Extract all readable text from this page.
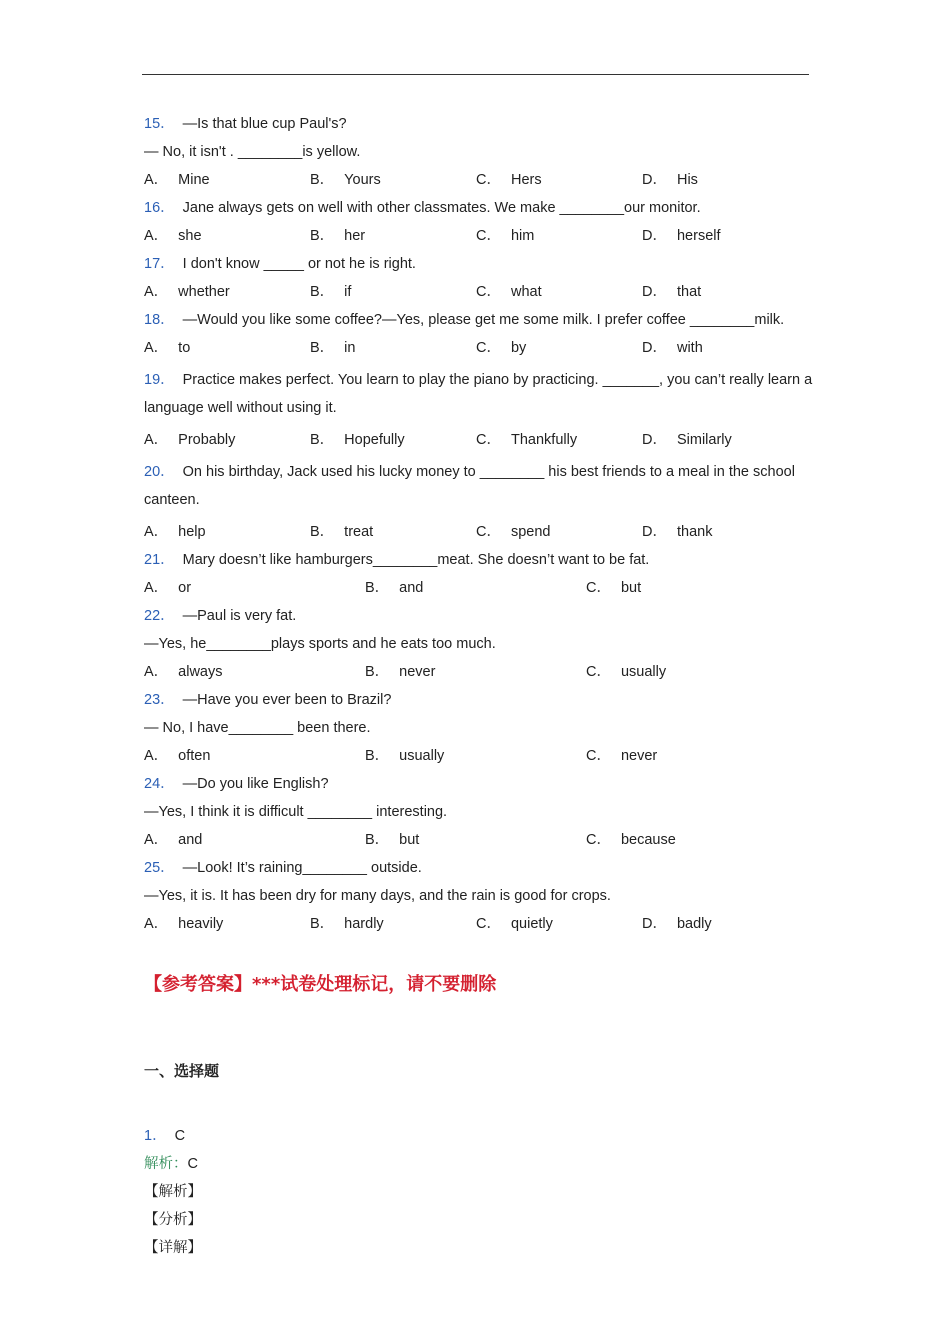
15． —Is that blue cup Paul's?
— No, it isn't . ________is yellow.
A． Mine	B． Yours	C． Hers	D． His
16． Jane always gets on well with other classmates. We make ________our monitor.
A． she	B． her	C． him	D． herself
17． I don't know _____ or not he is right.
A． whether	B． if	C． what	D． that
18． —Would you like some coffee?—Yes, please get me some milk. I prefer coffee ________milk.
A． to	B． in	C． by	D． with
19． Practice makes perfect. You learn to play the piano by practicing. _______, you can’t really learn a language well without using it.
A． Probably	B． Hopefully	C． Thankfully	D． Similarly
20． On his birthday, Jack used his lucky money to ________ his best friends to a meal in the school canteen.
A． help	B． treat	C． spend	D． thank
21． Mary doesn’t like hamburgers________meat. She doesn’t want to be fat.
A． or	B． and	C． but
22． —Paul is very fat.
—Yes, he________plays sports and he eats too much.
A． always	B． never	C． usually
23． —Have you ever been to Brazil?
— No, I have________ been there.
A． often	B． usually	C． never
24． —Do you like English?
—Yes, I think it is difficult ________ interesting.
A． and	B． but	C． because
25． —Look! It’s raining________ outside.
—Yes, it is. It has been dry for many days, and the rain is good for crops.
A． heavily	B． hardly	C． quietly	D． badly
【参考答案】***试卷处理标记，请不要删除
一、选择题
1． C
解析：C
【解析】
【分析】
【详解】
